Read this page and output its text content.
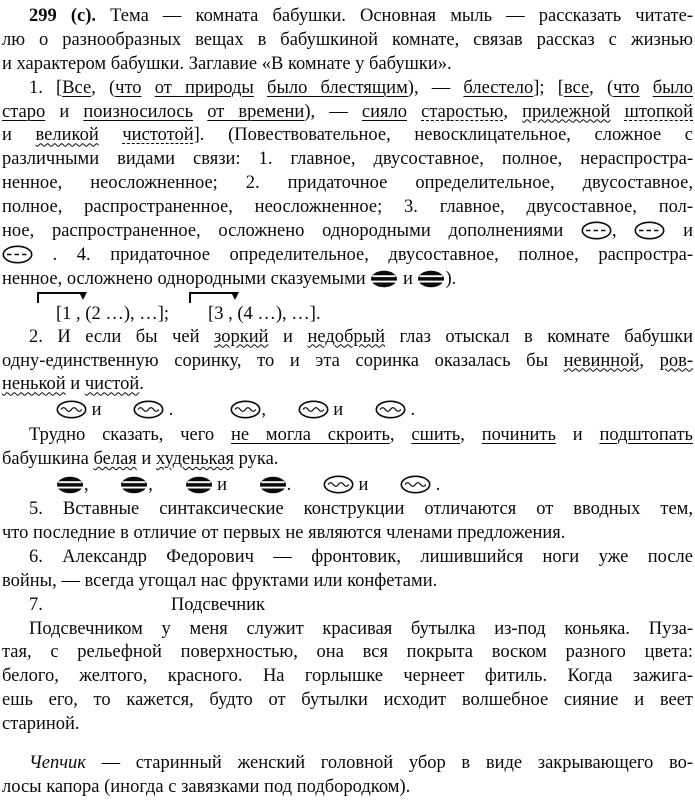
299 (с). Тема — комната бабушки. Основная мыль — рассказать читате-
лю о разнообразных вещах в бабушкиной комнате, связав рассказ с жизнью
и характером бабушки. Заглавие «В комнате у бабушки».
1. [Все, (что от природы было блестящим), — блестело]; [все, (что было
старо и поизносилось от времени), — сияло старостью, прилежной штопкой
и великой чистотой]. (Повествовательное, невосклицательное, сложное с
различными видами связи: 1. главное, двусоставное, полное, нераспростра-
ненное, неосложненное; 2. придаточное определительное, двусоставное,
полное, распространенное, неосложненное; 3. главное, двусоставное, пол-
ное, распространенное, осложнено однородными дополнениями ,  и
. 4. придаточное определительное, двусоставное, полное, распростра-
ненное, осложнено однородными сказуемыми  и ).
[1 , (2 …), …]; [3 , (4 …), …].
2. И если бы чей зоркий и недобрый глаз отыскал в комнате бабушки
одну-единственную соринку, то и эта соринка оказалась бы невинной, ров-
ненькой и чистой.
и	.	,	и	.
Трудно сказать, чего не могла скроить, сшить, починить и подштопать
бабушкина белая и худенькая рука.
,	,	и	.	и	.
5. Вставные синтаксические конструкции отличаются от вводных тем,
что последние в отличие от первых не являются членами предложения.
6. Александр Федорович — фронтовик, лишившийся ноги уже после
войны, — всегда угощал нас фруктами или конфетами.
7.	Подсвечник
Подсвечником у меня служит красивая бутылка из-под коньяка. Пуза-
тая, с рельефной поверхностью, она вся покрыта воском разного цвета:
белого, желтого, красного. На горлышке чернеет фитиль. Когда зажига-
ешь его, то кажется, будто от бутылки исходит волшебное сияние и веет
стариной.
Чепчик — старинный женский головной убор в виде закрывающего во-
лосы капора (иногда с завязками под подбородком).
